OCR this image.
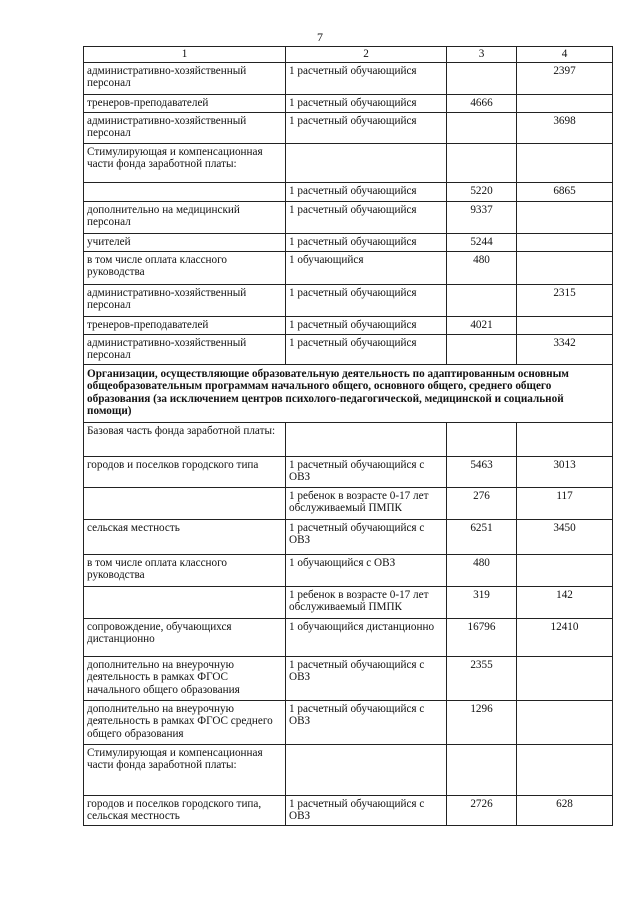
7
1	2	3	4
административно-хозяйственный персонал	1 расчетный обучающийся		2397
тренеров-преподавателей	1 расчетный обучающийся	4666	
административно-хозяйственный персонал	1 расчетный обучающийся		3698
Стимулирующая и компенсационная части фонда заработной платы:			
	1 расчетный обучающийся	5220	6865
дополнительно на медицинский персонал	1 расчетный обучающийся	9337	
учителей	1 расчетный обучающийся	5244	
в том числе оплата классного руководства	1 обучающийся	480	
административно-хозяйственный персонал	1 расчетный обучающийся		2315
тренеров-преподавателей	1 расчетный обучающийся	4021	
административно-хозяйственный персонал	1 расчетный обучающийся		3342
Организации, осуществляющие образовательную деятельность по адаптированным основным общеобразовательным программам начального общего, основного общего, среднего общего образования (за исключением центров психолого-педагогической, медицинской и социальной помощи)			
Базовая часть фонда заработной платы:			
городов и поселков городского типа	1 расчетный обучающийся с ОВЗ	5463	3013
	1 ребенок в возрасте 0-17 лет обслуживаемый ПМПК	276	117
сельская местность	1 расчетный обучающийся с ОВЗ	6251	3450
в том числе оплата классного руководства	1 обучающийся с ОВЗ	480	
	1 ребенок в возрасте 0-17 лет обслуживаемый ПМПК	319	142
сопровождение, обучающихся дистанционно	1 обучающийся дистанционно	16796	12410
дополнительно на внеурочную деятельность в рамках ФГОС начального общего образования	1 расчетный обучающийся с ОВЗ	2355	
дополнительно на внеурочную деятельность в рамках ФГОС среднего общего образования	1 расчетный обучающийся с ОВЗ	1296	
Стимулирующая и компенсационная части фонда заработной платы:			
городов и поселков городского типа, сельская местность	1 расчетный обучающийся с ОВЗ	2726	628
